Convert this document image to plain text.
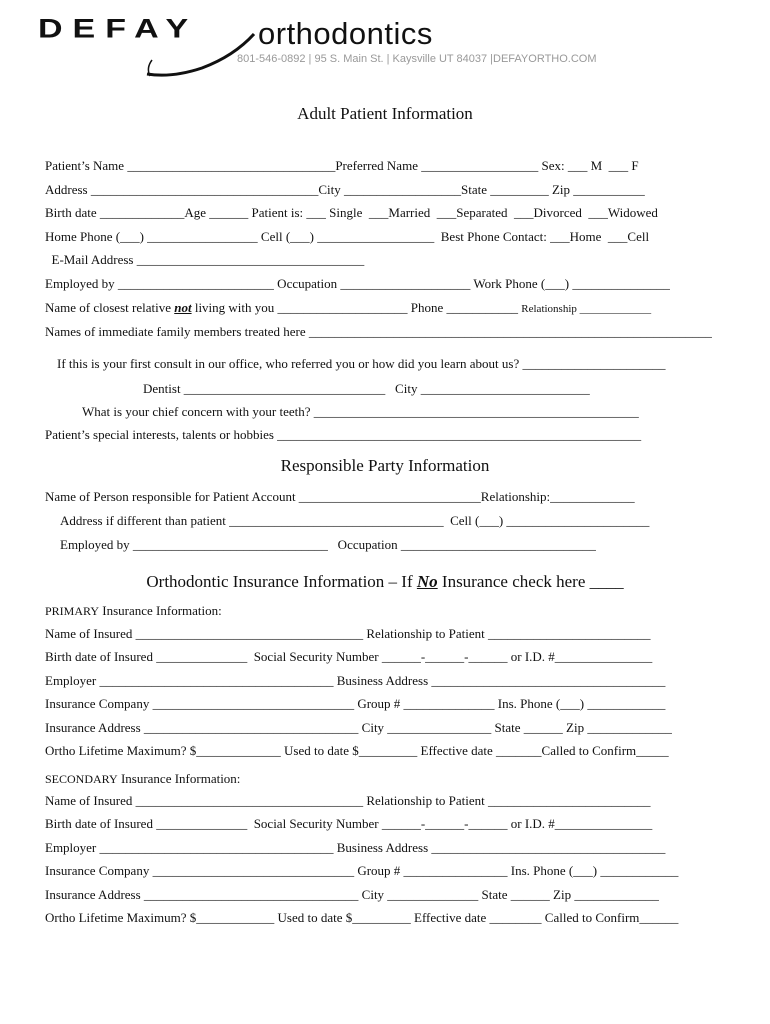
DEFAY orthodontics
801-546-0892 | 95 S. Main St. | Kaysville UT 84037 |DEFAYORTHO.COM
Adult Patient Information
Patient’s Name ________________________________Preferred Name __________________ Sex: ___ M  ___ F
Address ___________________________________City __________________State _________ Zip ___________
Birth date _____________Age ______ Patient is: ___ Single  ___Married  ___Separated  ___Divorced  ___Widowed
Home Phone (___) _________________ Cell (___) __________________  Best Phone Contact: ___Home  ___Cell
E-Mail Address ___________________________________
Employed by ________________________ Occupation ____________________ Work Phone (___) _______________
Name of closest relative not living with you ____________________ Phone ___________ Relationship _____________
Names of immediate family members treated here ______________________________________________________________
If this is your first consult in our office, who referred you or how did you learn about us? ______________________
Dentist _______________________________   City __________________________
What is your chief concern with your teeth? __________________________________________________
Patient’s special interests, talents or hobbies ________________________________________________________
Responsible Party Information
Name of Person responsible for Patient Account ____________________________Relationship:_____________
Address if different than patient _________________________________  Cell (___) ______________________
Employed by ______________________________   Occupation ______________________________
Orthodontic Insurance Information – If No Insurance check here ____
PRIMARY Insurance Information:
Name of Insured ___________________________________ Relationship to Patient _________________________
Birth date of Insured ______________  Social Security Number ______-______-______ or I.D. #_______________
Employer ____________________________________ Business Address ____________________________________
Insurance Company _______________________________ Group # ______________ Ins. Phone (___) ____________
Insurance Address _________________________________ City ________________ State ______ Zip _____________
Ortho Lifetime Maximum? $_____________ Used to date $_________ Effective date _______Called to Confirm_____
SECONDARY Insurance Information:
Name of Insured ___________________________________ Relationship to Patient _________________________
Birth date of Insured ______________  Social Security Number ______-______-______ or I.D. #_______________
Employer ____________________________________ Business Address ____________________________________
Insurance Company _______________________________ Group # ________________ Ins. Phone (___) ____________
Insurance Address _________________________________ City ______________ State ______ Zip _____________
Ortho Lifetime Maximum? $____________ Used to date $_________ Effective date ________ Called to Confirm______
